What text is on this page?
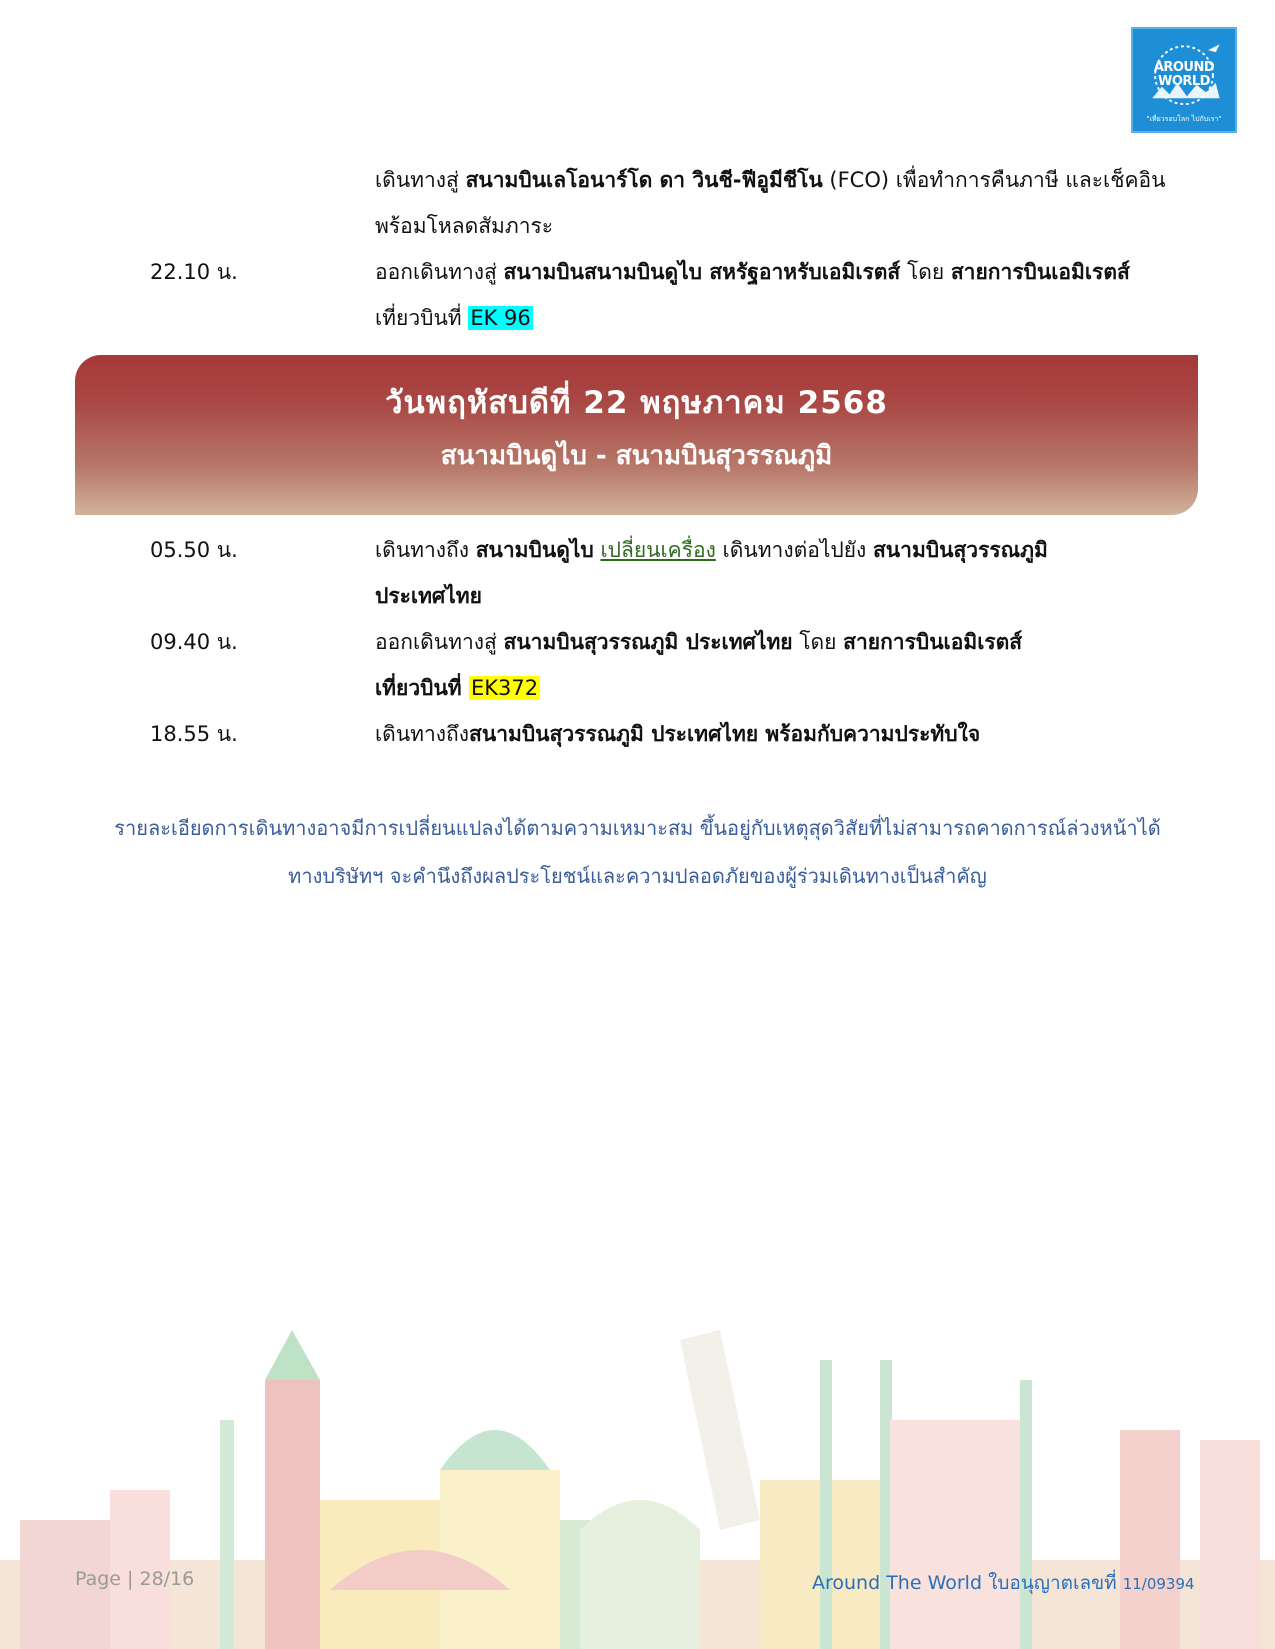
AROUND
WORLD
"เที่ยวรอบโลก ไปกับเรา"
เดินทางสู่ สนามบินเลโอนาร์โด ดา วินชี-ฟีอูมีชีโน (FCO) เพื่อทำการคืนภาษี และเช็คอิน
พร้อมโหลดสัมภาระ
22.10 น.	ออกเดินทางสู่ สนามบินสนามบินดูไบ สหรัฐอาหรับเอมิเรตส์ โดย สายการบินเอมิเรตส์
เที่ยวบินที่ EK 96
วันพฤหัสบดีที่ 22 พฤษภาคม 2568
สนามบินดูไบ - สนามบินสุวรรณภูมิ
05.50 น.	เดินทางถึง สนามบินดูไบ เปลี่ยนเครื่อง เดินทางต่อไปยัง สนามบินสุวรรณภูมิ
ประเทศไทย
09.40 น.	ออกเดินทางสู่ สนามบินสุวรรณภูมิ ประเทศไทย โดย สายการบินเอมิเรตส์
เที่ยวบินที่ EK372
18.55 น.	เดินทางถึงสนามบินสุวรรณภูมิ ประเทศไทย พร้อมกับความประทับใจ
รายละเอียดการเดินทางอาจมีการเปลี่ยนแปลงได้ตามความเหมาะสม ขึ้นอยู่กับเหตุสุดวิสัยที่ไม่สามารถคาดการณ์ล่วงหน้าได้
ทางบริษัทฯ จะคำนึงถึงผลประโยชน์และความปลอดภัยของผู้ร่วมเดินทางเป็นสำคัญ
Page | 28/16	Around The World ใบอนุญาตเลขที่ 11/09394
